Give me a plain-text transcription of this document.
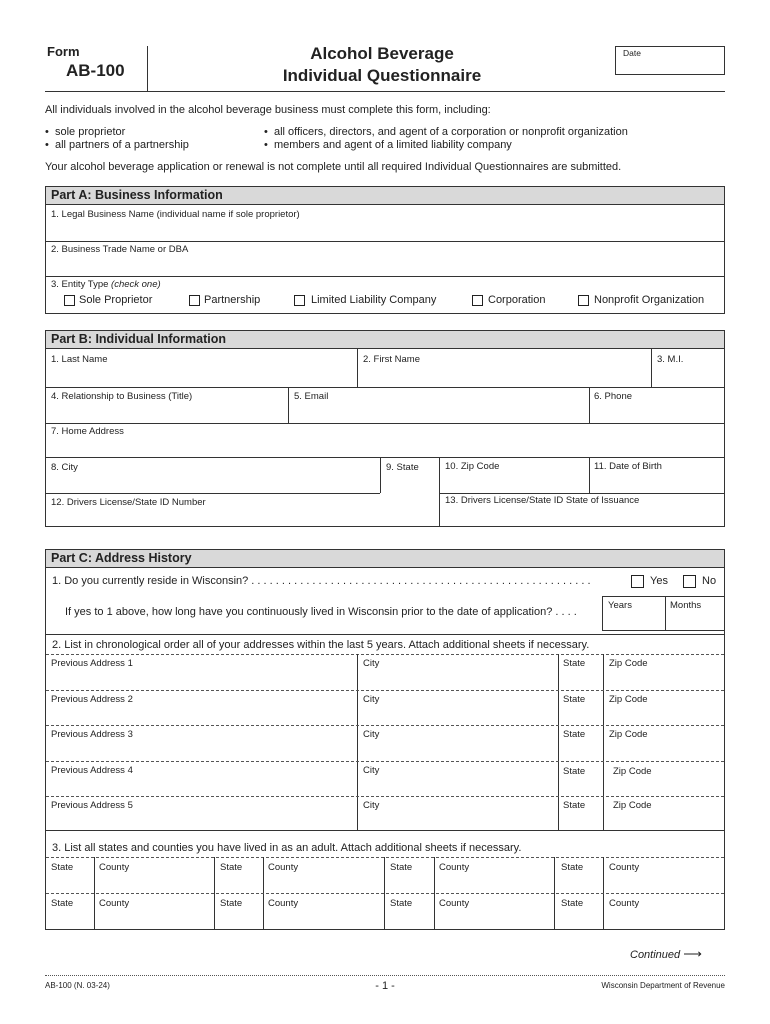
Form
AB-100
Alcohol Beverage
Individual Questionnaire
Date
All individuals involved in the alcohol beverage business must complete this form, including:
•  sole proprietor
•  all partners of a partnership
•  all officers, directors, and agent of a corporation or nonprofit organization
•  members and agent of a limited liability company
Your alcohol beverage application or renewal is not complete until all required Individual Questionnaires are submitted.
Part A: Business Information
1. Legal Business Name (individual name if sole proprietor)
2. Business Trade Name or DBA
3. Entity Type (check one)
Sole Proprietor	Partnership	Limited Liability Company	Corporation	Nonprofit Organization
Part B: Individual Information
1. Last Name	2. First Name	3. M.I.
4. Relationship to Business (Title)	5. Email	6. Phone
7. Home Address
8. City	9. State	10. Zip Code	11. Date of Birth
12. Drivers License/State ID Number	13. Drivers License/State ID State of Issuance
Part C: Address History
1. Do you currently reside in Wisconsin? . . . . . . . . . . . . . . . . . . . . . . . . . . . . . . . . . . . . . . . . . . . . . . . . . . . . . . . .	Yes	No
If yes to 1 above, how long have you continuously lived in Wisconsin prior to the date of application? . . . .
Years	Months
2. List in chronological order all of your addresses within the last 5 years. Attach additional sheets if necessary.
Previous Address 1	City	State	Zip Code
Previous Address 2	City	State	Zip Code
Previous Address 3	City	State	Zip Code
Previous Address 4	City	State	Zip Code
Previous Address 5	City	State	Zip Code
3. List all states and counties you have lived in as an adult. Attach additional sheets if necessary.
State	County	State	County	State	County	State	County
State	County	State	County	State	County	State	County
Continued ⟶
AB-100 (N. 03-24)	- 1 -	Wisconsin Department of Revenue
